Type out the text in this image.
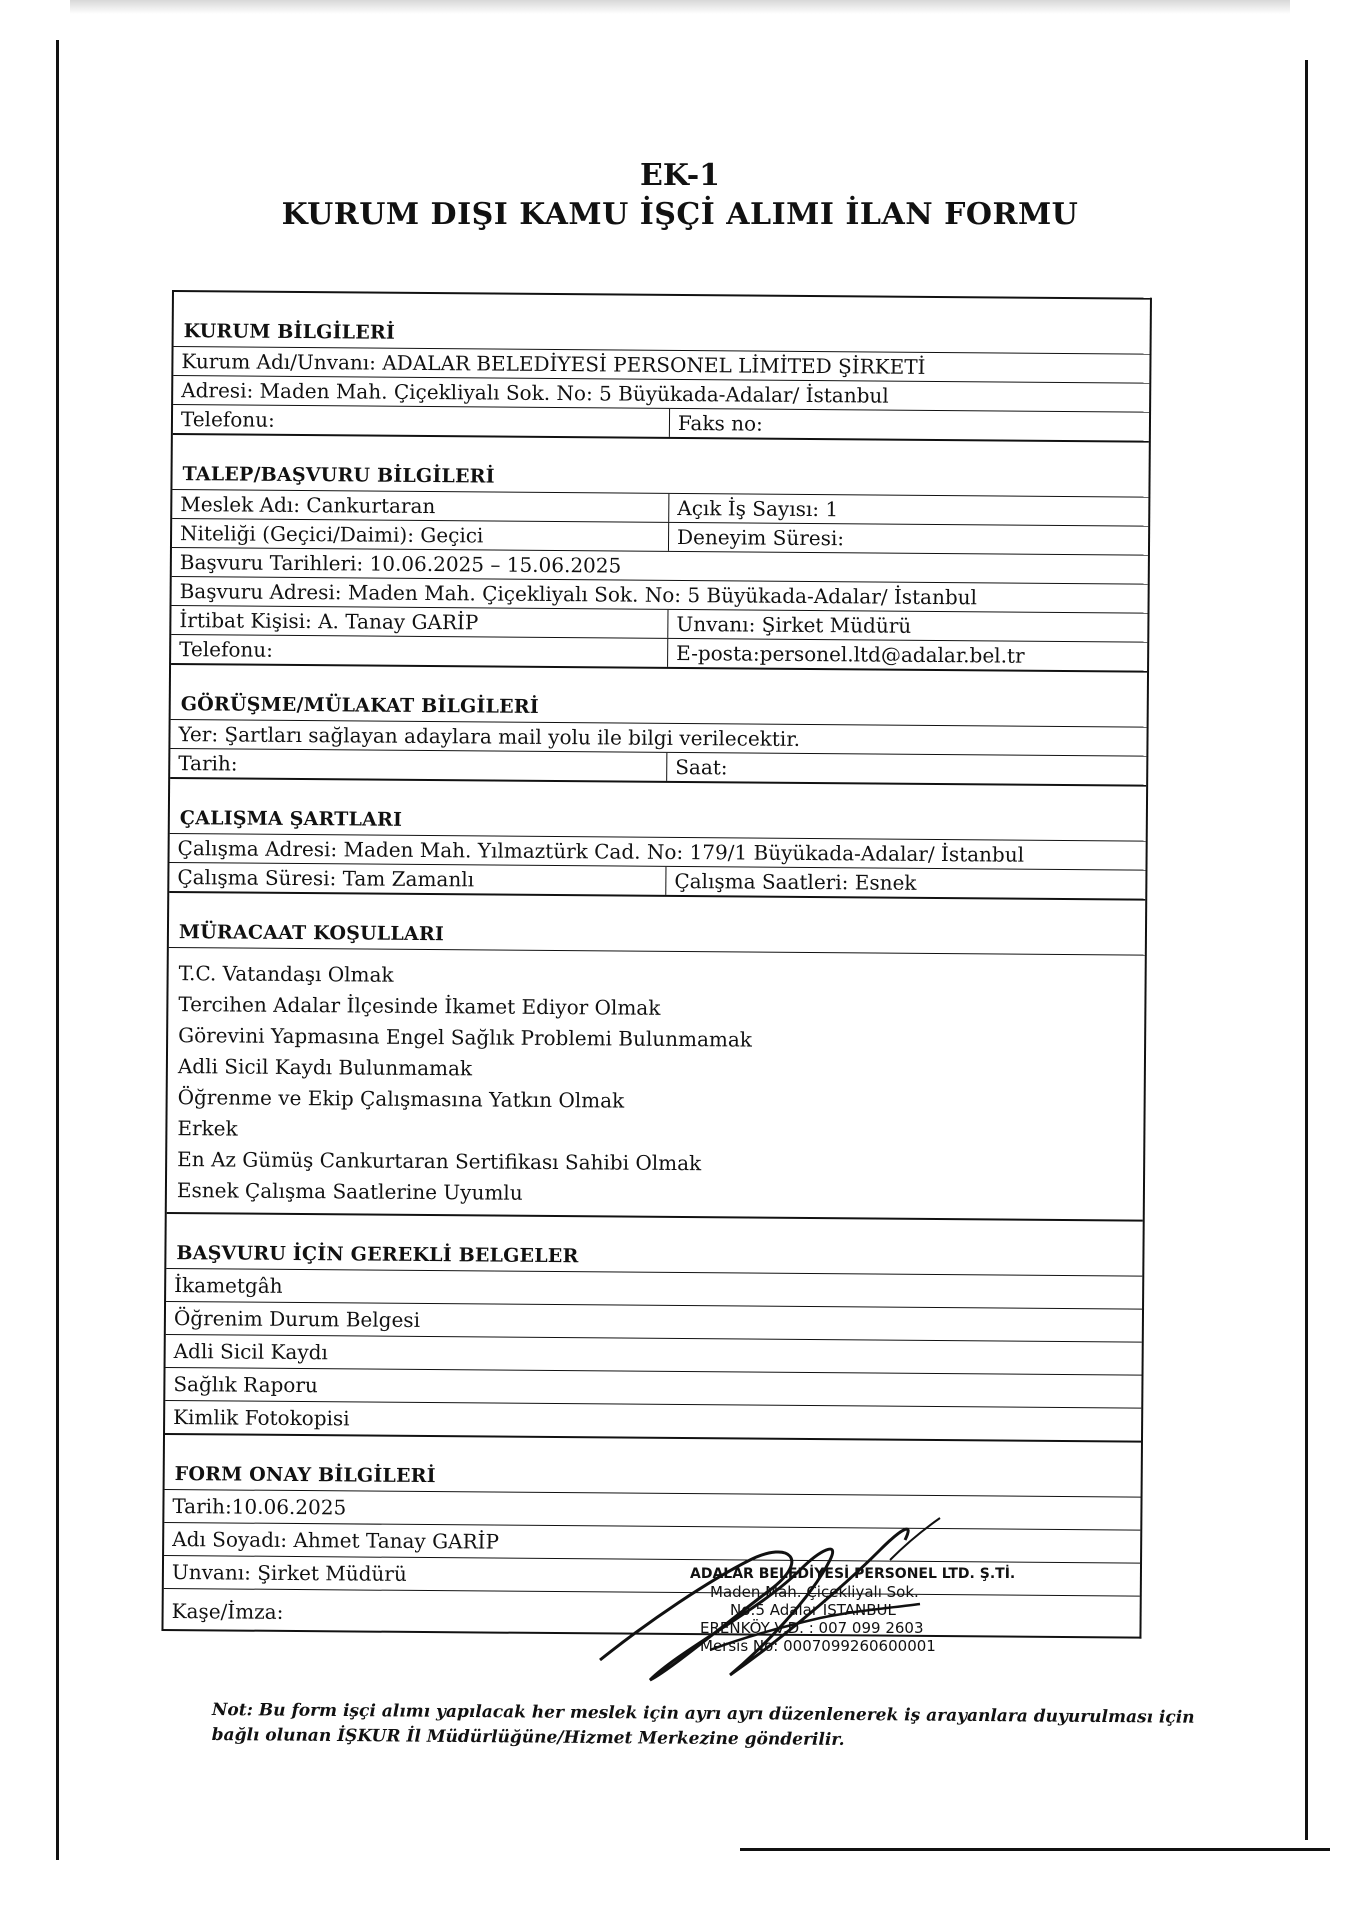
EK-1
KURUM DIŞI KAMU İŞÇİ ALIMI İLAN FORMU
KURUM BİLGİLERİ
Kurum Adı/Unvanı: ADALAR BELEDİYESİ PERSONEL LİMİTED ŞİRKETİ
Adresi: Maden Mah. Çiçekliyalı Sok. No: 5 Büyükada-Adalar/ İstanbul
Telefonu:	Faks no:
TALEP/BAŞVURU BİLGİLERİ
Meslek Adı: Cankurtaran	Açık İş Sayısı: 1
Niteliği (Geçici/Daimi): Geçici	Deneyim Süresi:
Başvuru Tarihleri: 10.06.2025 – 15.06.2025
Başvuru Adresi: Maden Mah. Çiçekliyalı Sok. No: 5 Büyükada-Adalar/ İstanbul
İrtibat Kişisi: A. Tanay GARİP	Unvanı: Şirket Müdürü
Telefonu:	E-posta:personel.ltd@adalar.bel.tr
GÖRÜŞME/MÜLAKAT BİLGİLERİ
Yer: Şartları sağlayan adaylara mail yolu ile bilgi verilecektir.
Tarih:	Saat:
ÇALIŞMA ŞARTLARI
Çalışma Adresi: Maden Mah. Yılmaztürk Cad. No: 179/1 Büyükada-Adalar/ İstanbul
Çalışma Süresi: Tam Zamanlı	Çalışma Saatleri: Esnek
MÜRACAAT KOŞULLARI
T.C. Vatandaşı Olmak
Tercihen Adalar İlçesinde İkamet Ediyor Olmak
Görevini Yapmasına Engel Sağlık Problemi Bulunmamak
Adli Sicil Kaydı Bulunmamak
Öğrenme ve Ekip Çalışmasına Yatkın Olmak
Erkek
En Az Gümüş Cankurtaran Sertifikası Sahibi Olmak
Esnek Çalışma Saatlerine Uyumlu
BAŞVURU İÇİN GEREKLİ BELGELER
İkametgâh
Öğrenim Durum Belgesi
Adli Sicil Kaydı
Sağlık Raporu
Kimlik Fotokopisi
FORM ONAY BİLGİLERİ
Tarih:10.06.2025
Adı Soyadı: Ahmet Tanay GARİP
Unvanı: Şirket Müdürü
Kaşe/İmza:
ADALAR BELEDİYESİ PERSONEL LTD. Ş.Tİ.
Maden Mah. Çiçekliyalı Sok.
No:5 Adalar İSTANBUL
ERENKÖY V.D. : 007 099 2603
Mersis No: 0007099260600001
Not: Bu form işçi alımı yapılacak her meslek için ayrı ayrı düzenlenerek iş arayanlara duyurulması için bağlı olunan İŞKUR İl Müdürlüğüne/Hizmet Merkezine gönderilir.
